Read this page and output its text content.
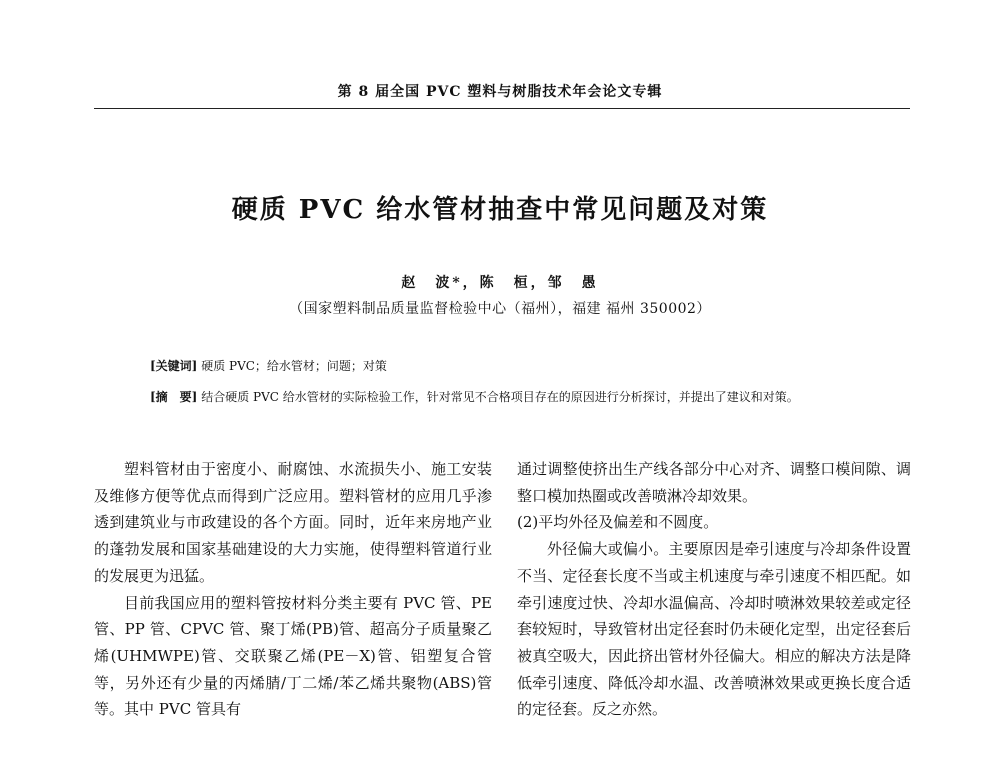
第 8 届全国 PVC 塑料与树脂技术年会论文专辑
硬质 PVC 给水管材抽查中常见问题及对策
赵　波*，陈　桓，邹　愚
（国家塑料制品质量监督检验中心（福州），福建 福州 350002）
[关键词] 硬质 PVC；给水管材；问题；对策
[摘　要] 结合硬质 PVC 给水管材的实际检验工作，针对常见不合格项目存在的原因进行分析探讨，并提出了建议和对策。

塑料管材由于密度小、耐腐蚀、水流损失小、施工安装及维修方便等优点而得到广泛应用。塑料管材的应用几乎渗透到建筑业与市政建设的各个方面。同时，近年来房地产业的蓬勃发展和国家基础建设的大力实施，使得塑料管道行业的发展更为迅猛。

目前我国应用的塑料管按材料分类主要有 PVC 管、PE 管、PP 管、CPVC 管、聚丁烯(PB)管、超高分子质量聚乙烯(UHMWPE)管、交联聚乙烯(PE－X)管、铝塑复合管等，另外还有少量的丙烯腈/丁二烯/苯乙烯共聚物(ABS)管等。其中 PVC 管具有

通过调整使挤出生产线各部分中心对齐、调整口模间隙、调整口模加热圈或改善喷淋冷却效果。

(2)平均外径及偏差和不圆度。

外径偏大或偏小。主要原因是牵引速度与冷却条件设置不当、定径套长度不当或主机速度与牵引速度不相匹配。如牵引速度过快、冷却水温偏高、冷却时喷淋效果较差或定径套较短时，导致管材出定径套时仍未硬化定型，出定径套后被真空吸大，因此挤出管材外径偏大。相应的解决方法是降低牵引速度、降低冷却水温、改善喷淋效果或更换长度合适的定径套。反之亦然。
